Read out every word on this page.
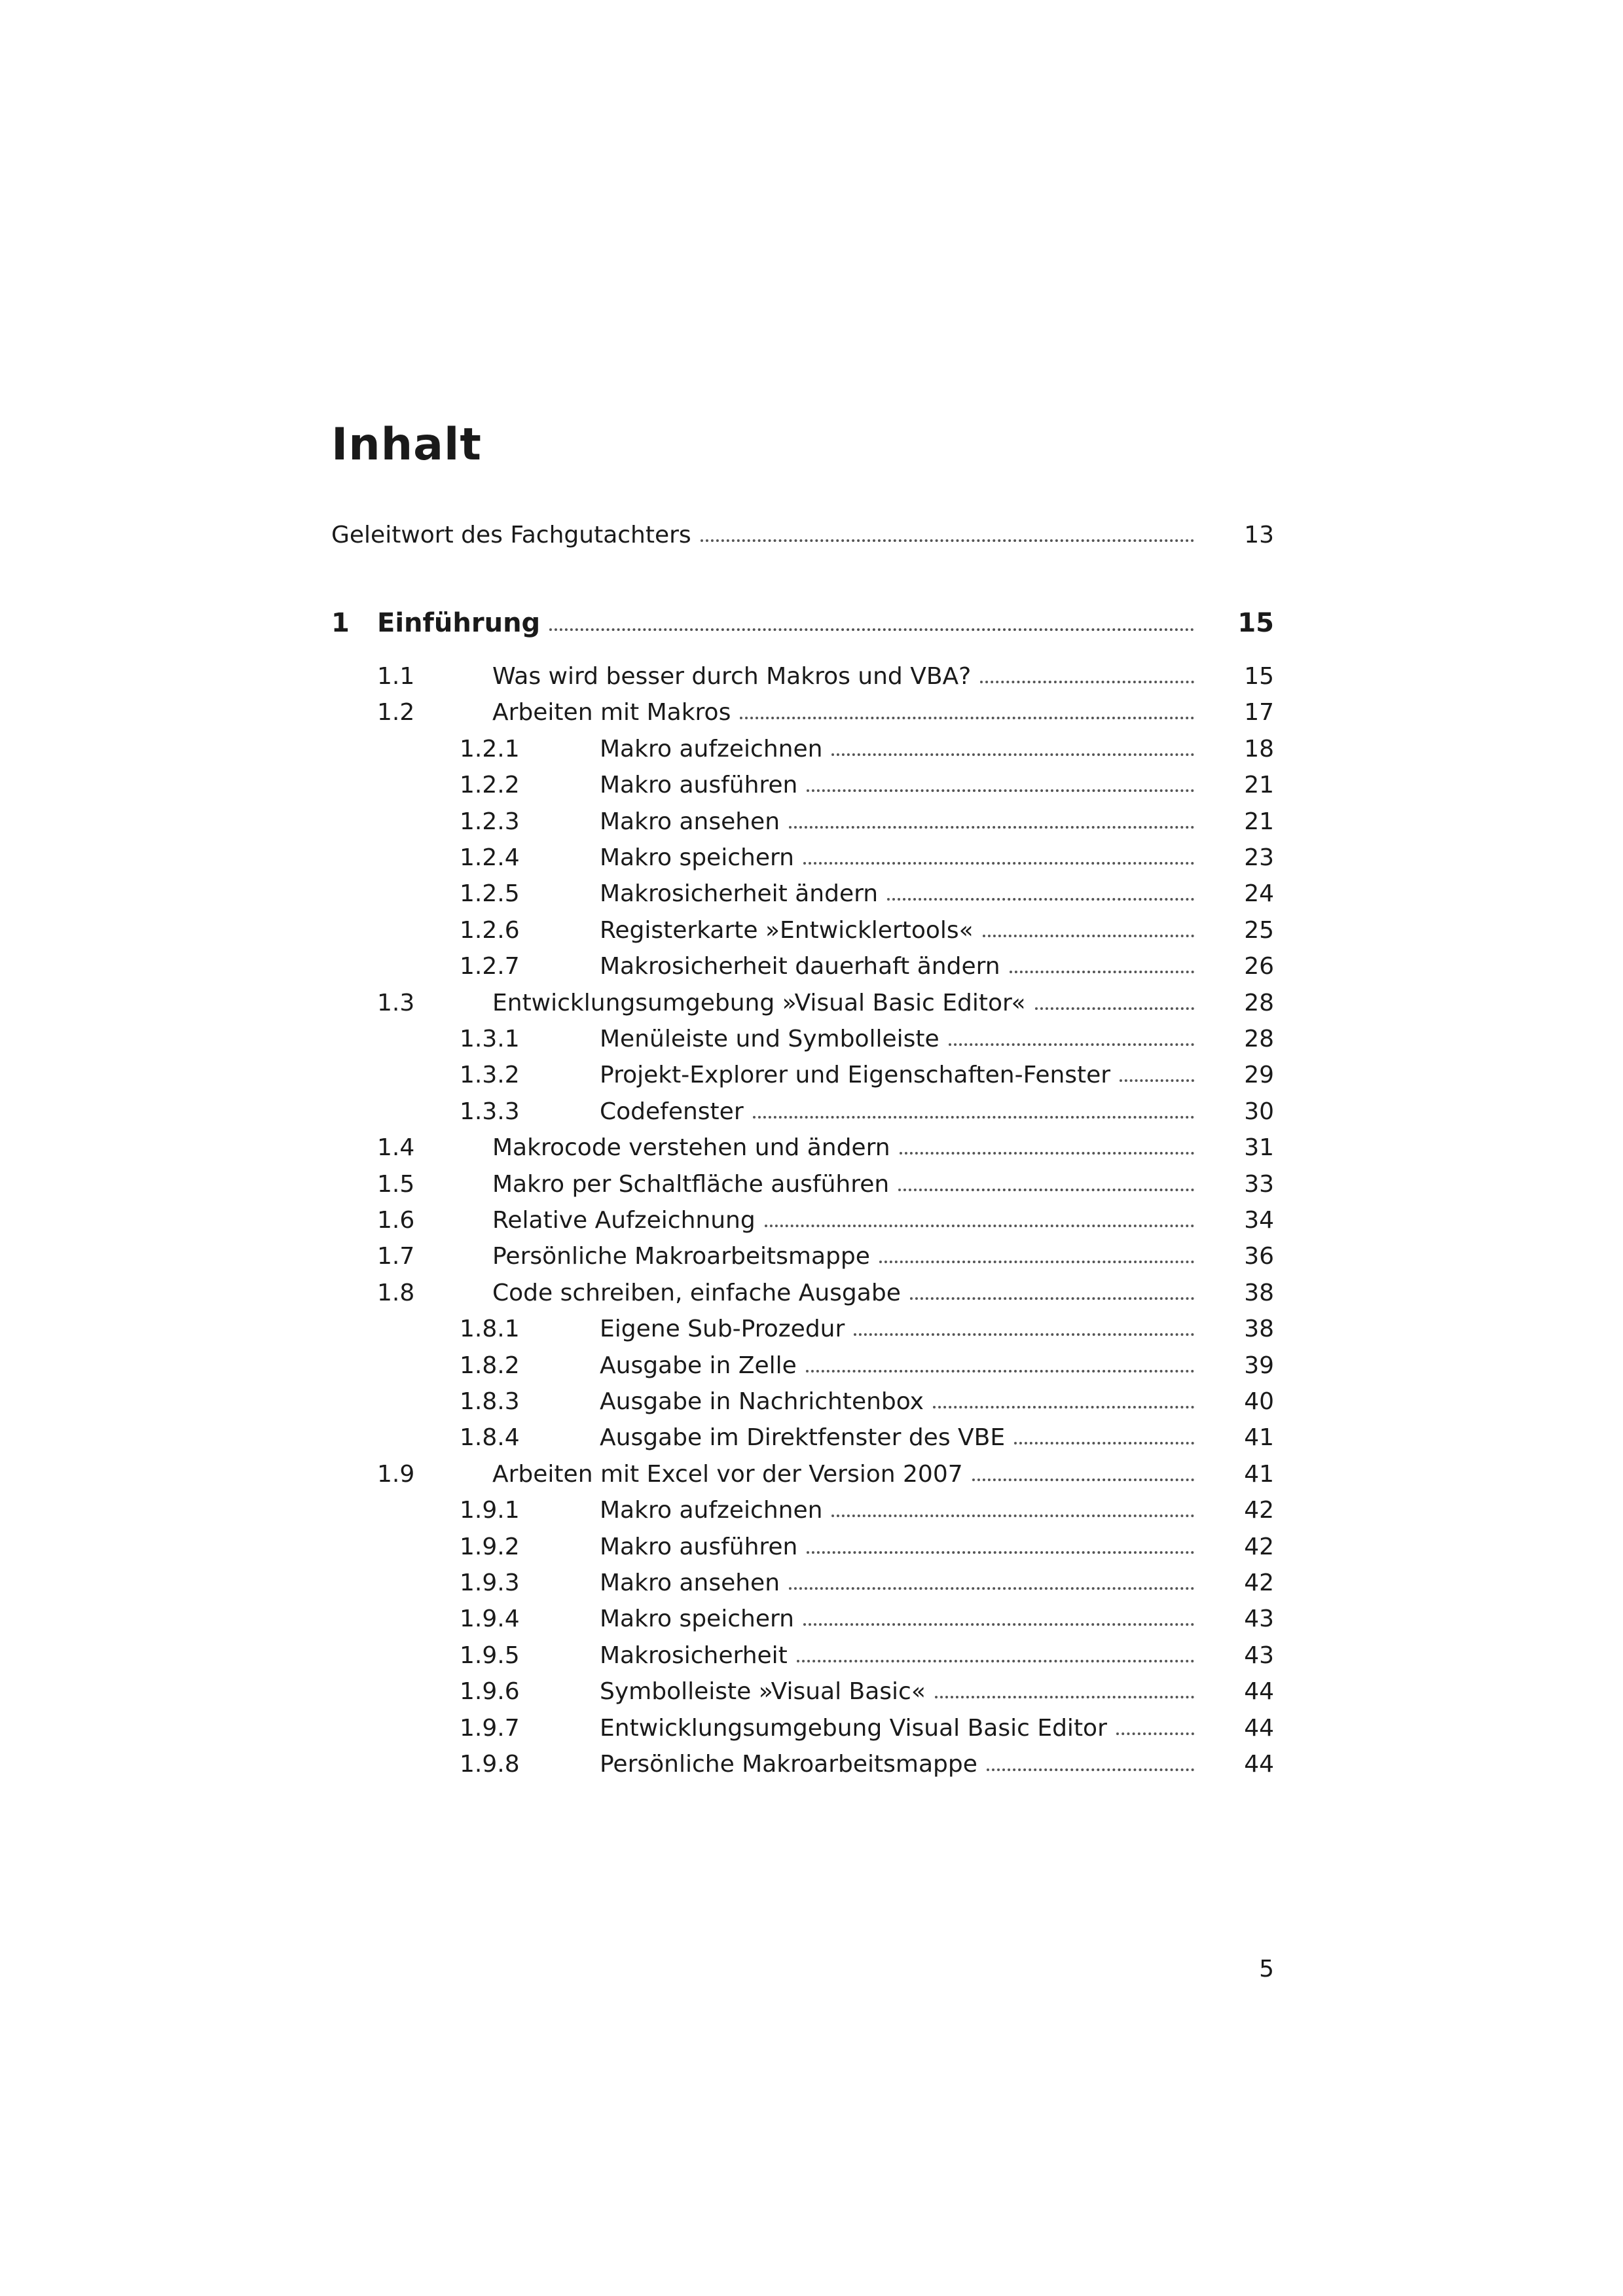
Inhalt
Geleitwort des Fachgutachters	13
1	Einführung	15
1.1	Was wird besser durch Makros und VBA?	15
1.2	Arbeiten mit Makros	17
1.2.1	Makro aufzeichnen	18
1.2.2	Makro ausführen	21
1.2.3	Makro ansehen	21
1.2.4	Makro speichern	23
1.2.5	Makrosicherheit ändern	24
1.2.6	Registerkarte »Entwicklertools«	25
1.2.7	Makrosicherheit dauerhaft ändern	26
1.3	Entwicklungsumgebung »Visual Basic Editor«	28
1.3.1	Menüleiste und Symbolleiste	28
1.3.2	Projekt-Explorer und Eigenschaften-Fenster	29
1.3.3	Codefenster	30
1.4	Makrocode verstehen und ändern	31
1.5	Makro per Schaltfläche ausführen	33
1.6	Relative Aufzeichnung	34
1.7	Persönliche Makroarbeitsmappe	36
1.8	Code schreiben, einfache Ausgabe	38
1.8.1	Eigene Sub-Prozedur	38
1.8.2	Ausgabe in Zelle	39
1.8.3	Ausgabe in Nachrichtenbox	40
1.8.4	Ausgabe im Direktfenster des VBE	41
1.9	Arbeiten mit Excel vor der Version 2007	41
1.9.1	Makro aufzeichnen	42
1.9.2	Makro ausführen	42
1.9.3	Makro ansehen	42
1.9.4	Makro speichern	43
1.9.5	Makrosicherheit	43
1.9.6	Symbolleiste »Visual Basic«	44
1.9.7	Entwicklungsumgebung Visual Basic Editor	44
1.9.8	Persönliche Makroarbeitsmappe	44
5
